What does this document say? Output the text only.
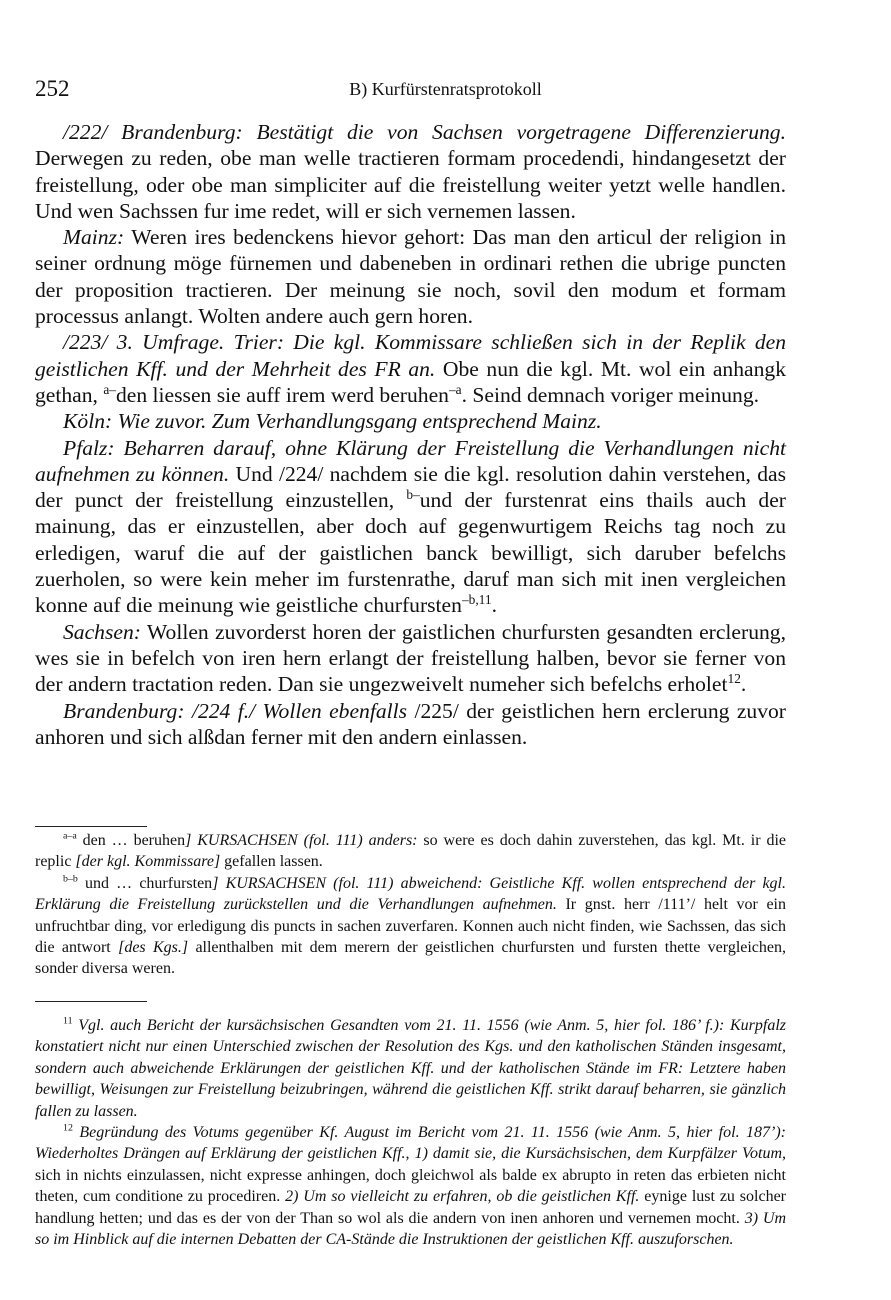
252	B) Kurfürstenratsprotokoll

/222/ Brandenburg: Bestätigt die von Sachsen vorgetragene Differenzierung. Derwegen zu reden, obe man welle tractieren formam procedendi, hindangesetzt der freistellung, oder obe man simpliciter auf die freistellung weiter yetzt welle handlen. Und wen Sachssen fur ime redet, will er sich vernemen lassen.

Mainz: Weren ires bedenckens hievor gehort: Das man den articul der religion in seiner ordnung möge fürnemen und dabeneben in ordinari rethen die ubrige puncten der proposition tractieren. Der meinung sie noch, sovil den modum et formam processus anlangt. Wolten andere auch gern horen.

/223/ 3. Umfrage. Trier: Die kgl. Kommissare schließen sich in der Replik den geistlichen Kff. und der Mehrheit des FR an. Obe nun die kgl. Mt. wol ein anhangk gethan, $^{a-}$den liessen sie auff irem werd beruhen$^{-a}$. Seind demnach voriger meinung.

Köln: Wie zuvor. Zum Verhandlungsgang entsprechend Mainz.

Pfalz: Beharren darauf, ohne Klärung der Freistellung die Verhandlungen nicht aufnehmen zu können. Und /224/ nachdem sie die kgl. resolution dahin verstehen, das der punct der freistellung einzustellen, $^{b-}$und der furstenrat eins thails auch der mainung, das er einzustellen, aber doch auf gegenwurtigem Reichs tag noch zu erledigen, waruf die auf der gaistlichen banck bewilligt, sich daruber befelchs zuerholen, so were kein meher im furstenrathe, daruf man sich mit inen vergleichen konne auf die meinung wie geistliche churfursten$^{-b,11}$.

Sachsen: Wollen zuvorderst horen der gaistlichen churfursten gesandten erclerung, wes sie in befelch von iren hern erlangt der freistellung halben, bevor sie ferner von der andern tractation reden. Dan sie ungezweivelt numeher sich befelchs erholet$^{12}$.

Brandenburg: /224 f./ Wollen ebenfalls /225/ der geistlichen hern erclerung zuvor anhoren und sich alßdan ferner mit den andern einlassen.

$^{a-a}$ den … beruhen] KURSACHSEN (fol. 111) anders: so were es doch dahin zuverstehen, das kgl. Mt. ir die replic [der kgl. Kommissare] gefallen lassen.

$^{b-b}$ und … churfursten] KURSACHSEN (fol. 111) abweichend: Geistliche Kff. wollen entsprechend der kgl. Erklärung die Freistellung zurückstellen und die Verhandlungen aufnehmen. Ir gnst. herr /111’/ helt vor ein unfruchtbar ding, vor erledigung dis puncts in sachen zuverfaren. Konnen auch nicht finden, wie Sachssen, das sich die antwort [des Kgs.] allenthalben mit dem merern der geistlichen churfursten und fursten thette vergleichen, sonder diversa weren.

$^{11}$ Vgl. auch Bericht der kursächsischen Gesandten vom 21. 11. 1556 (wie Anm. 5, hier fol. 186’ f.): Kurpfalz konstatiert nicht nur einen Unterschied zwischen der Resolution des Kgs. und den katholischen Ständen insgesamt, sondern auch abweichende Erklärungen der geistlichen Kff. und der katholischen Stände im FR: Letztere haben bewilligt, Weisungen zur Freistellung beizubringen, während die geistlichen Kff. strikt darauf beharren, sie gänzlich fallen zu lassen.

$^{12}$ Begründung des Votums gegenüber Kf. August im Bericht vom 21. 11. 1556 (wie Anm. 5, hier fol. 187’): Wiederholtes Drängen auf Erklärung der geistlichen Kff., 1) damit sie, die Kursächsischen, dem Kurpfälzer Votum, sich in nichts einzulassen, nicht expresse anhingen, doch gleichwol als balde ex abrupto in reten das erbieten nicht theten, cum conditione zu procediren. 2) Um so vielleicht zu erfahren, ob die geistlichen Kff. eynige lust zu solcher handlung hetten; und das es der von der Than so wol als die andern von inen anhoren und vernemen mocht. 3) Um so im Hinblick auf die internen Debatten der CA-Stände die Instruktionen der geistlichen Kff. auszuforschen.
